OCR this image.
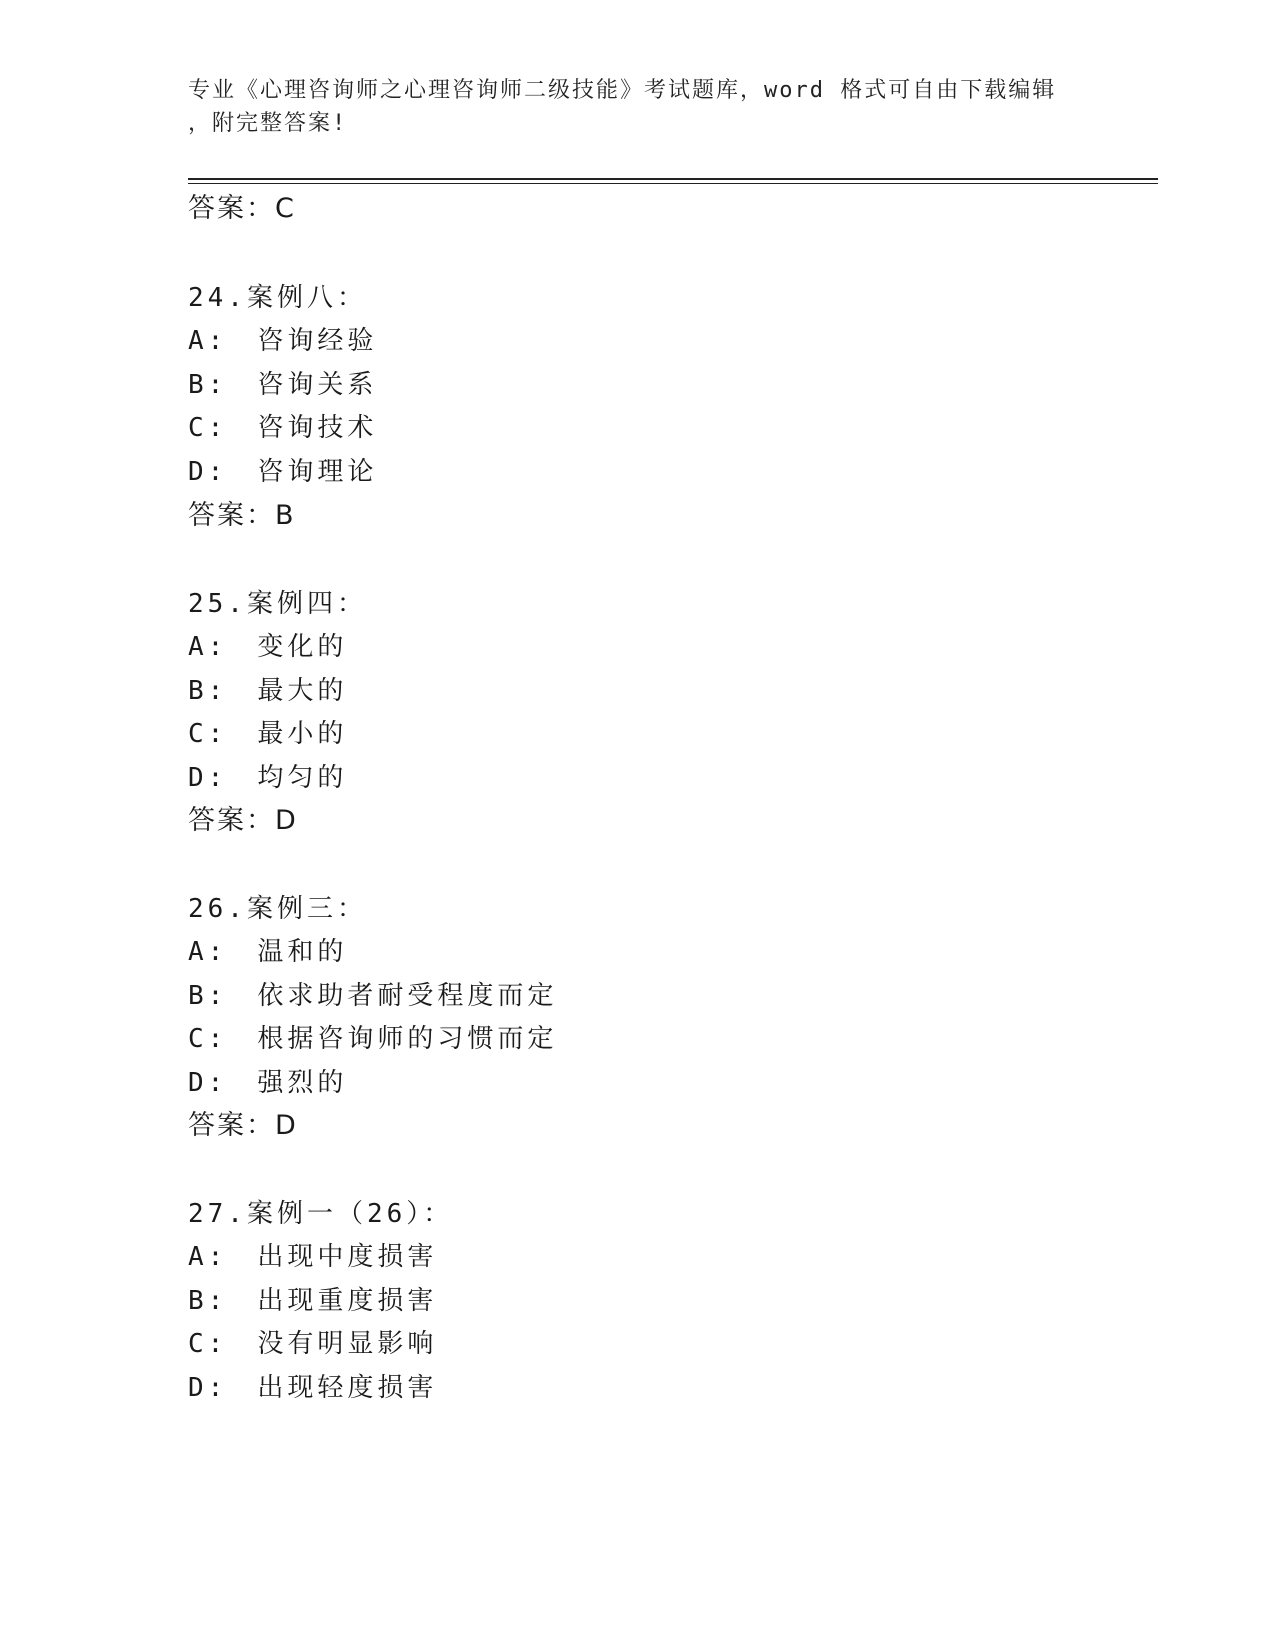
专业《心理咨询师之心理咨询师二级技能》考试题库，word 格式可自由下载编辑
，附完整答案!
答案：C
24.案例八：
A: 咨询经验
B: 咨询关系
C: 咨询技术
D: 咨询理论
答案：B
25.案例四：
A: 变化的
B: 最大的
C: 最小的
D: 均匀的
答案：D
26.案例三：
A: 温和的
B: 依求助者耐受程度而定
C: 根据咨询师的习惯而定
D: 强烈的
答案：D
27.案例一（26）：
A: 出现中度损害
B: 出现重度损害
C: 没有明显影响
D: 出现轻度损害
